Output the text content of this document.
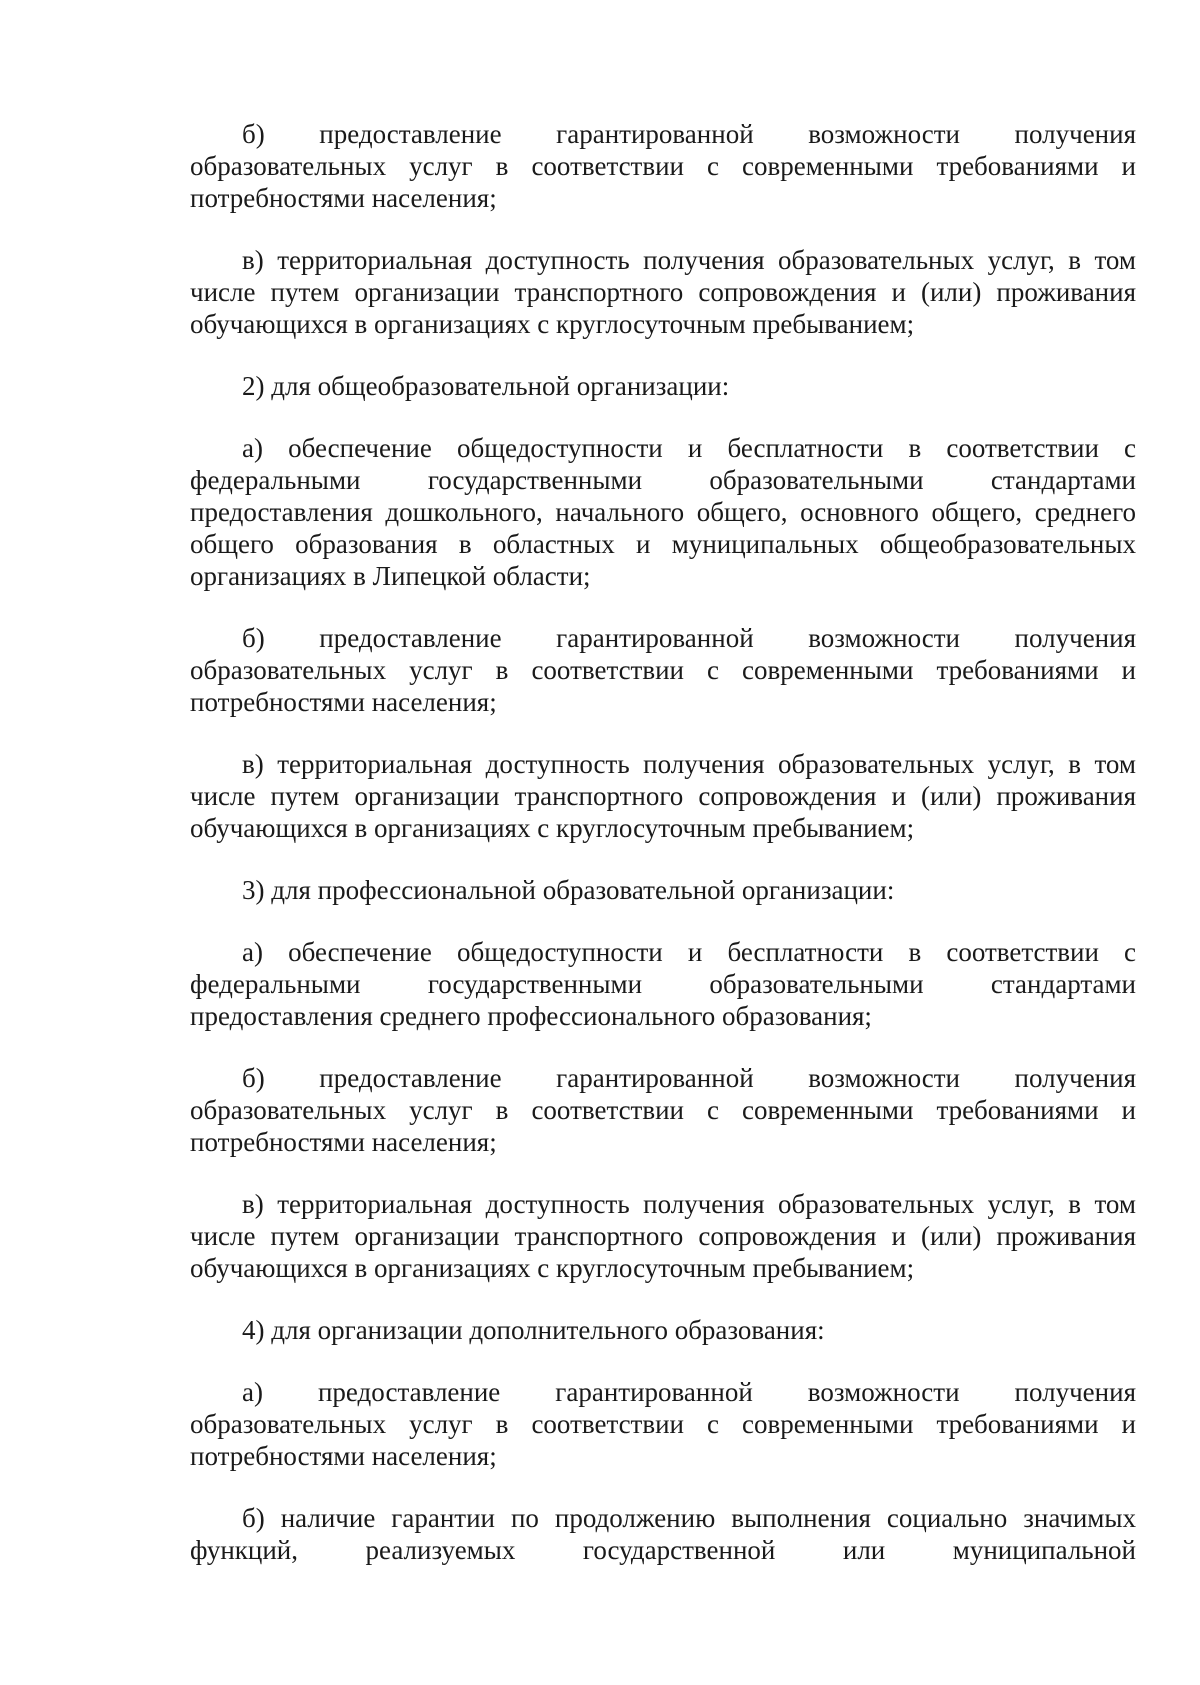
б) предоставление гарантированной возможности получения образовательных услуг в соответствии с современными требованиями и потребностями населения;

в) территориальная доступность получения образовательных услуг, в том числе путем организации транспортного сопровождения и (или) проживания обучающихся в организациях с круглосуточным пребыванием;

2) для общеобразовательной организации:

а) обеспечение общедоступности и бесплатности в соответствии с федеральными государственными образовательными стандартами предоставления дошкольного, начального общего, основного общего, среднего общего образования в областных и муниципальных общеобразовательных организациях в Липецкой области;

б) предоставление гарантированной возможности получения образовательных услуг в соответствии с современными требованиями и потребностями населения;

в) территориальная доступность получения образовательных услуг, в том числе путем организации транспортного сопровождения и (или) проживания обучающихся в организациях с круглосуточным пребыванием;

3) для профессиональной образовательной организации:

а) обеспечение общедоступности и бесплатности в соответствии с федеральными государственными образовательными стандартами предоставления среднего профессионального образования;

б) предоставление гарантированной возможности получения образовательных услуг в соответствии с современными требованиями и потребностями населения;

в) территориальная доступность получения образовательных услуг, в том числе путем организации транспортного сопровождения и (или) проживания обучающихся в организациях с круглосуточным пребыванием;

4) для организации дополнительного образования:

а) предоставление гарантированной возможности получения образовательных услуг в соответствии с современными требованиями и потребностями населения;

б) наличие гарантии по продолжению выполнения социально значимых функций, реализуемых государственной или муниципальной
